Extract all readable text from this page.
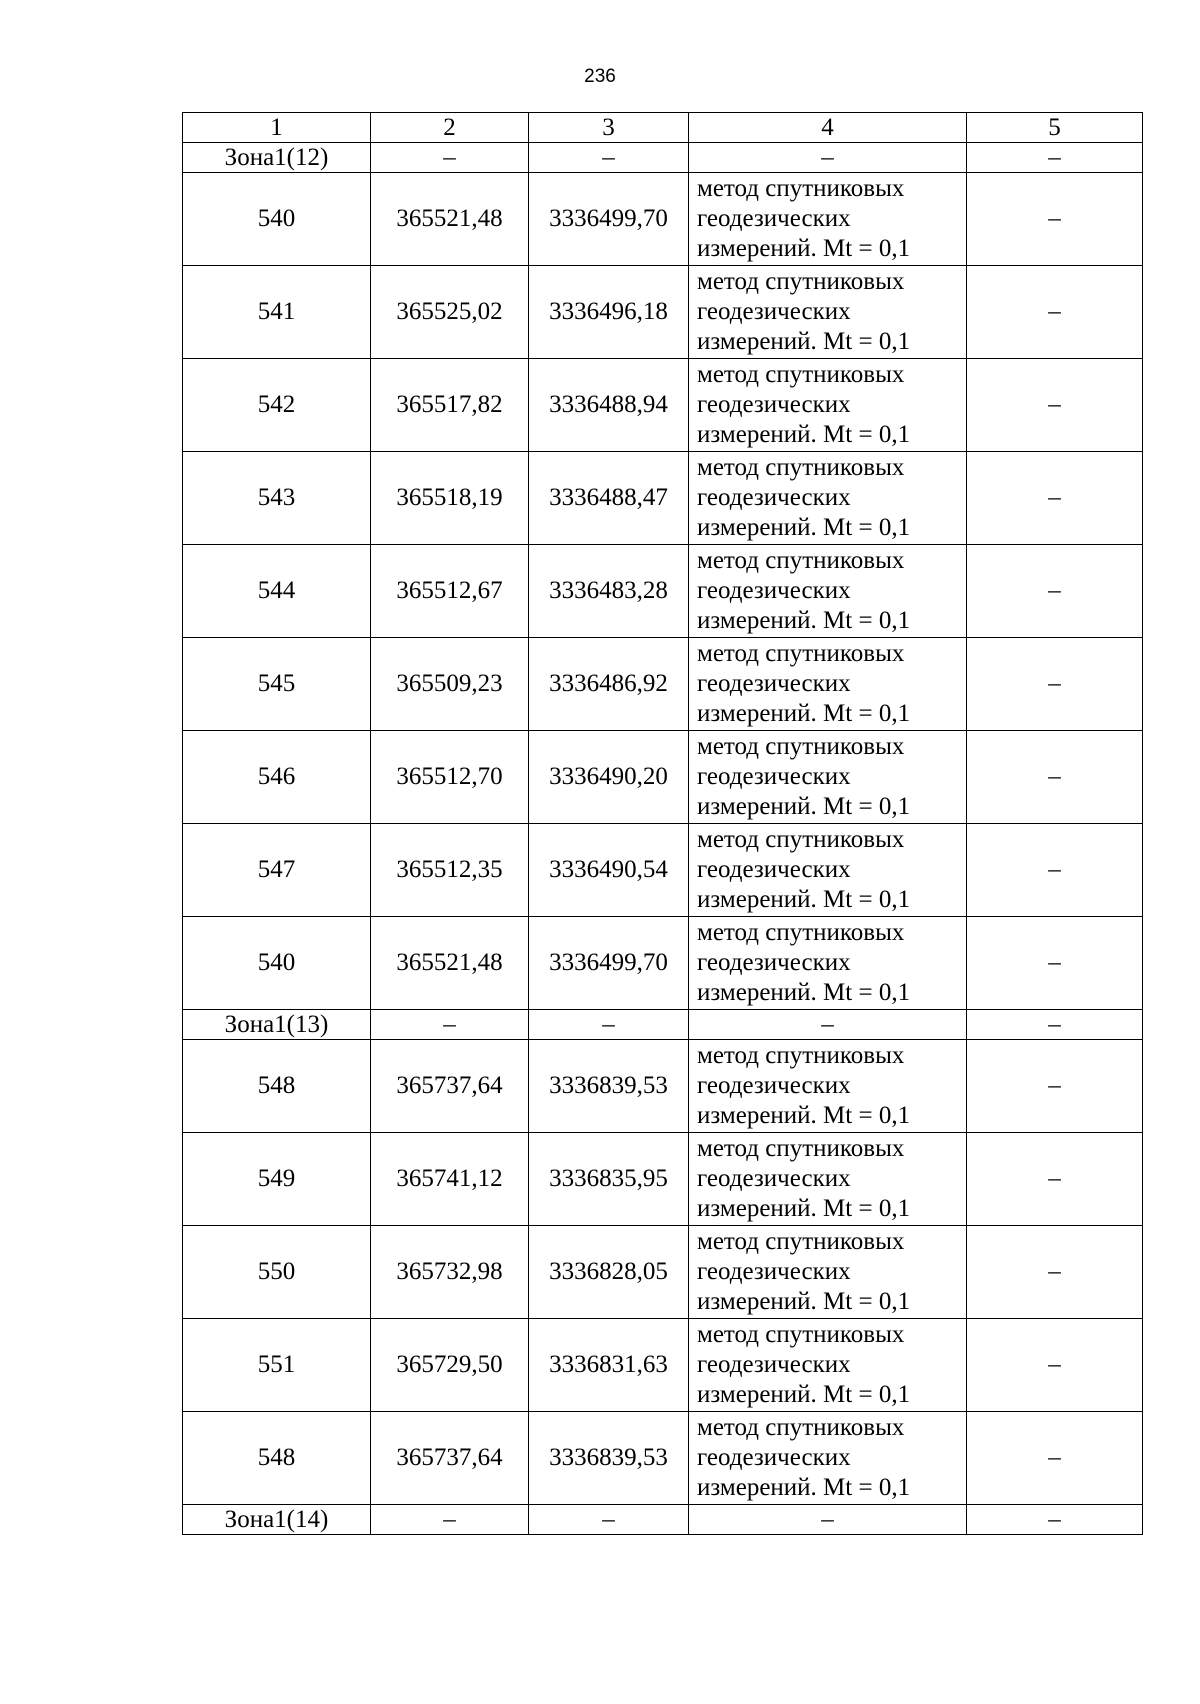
236
1	2	3	4	5
Зона1(12)	–	–	–	–
540	365521,48	3336499,70	метод спутниковых
геодезических
измерений. Mt = 0,1	–
541	365525,02	3336496,18	метод спутниковых
геодезических
измерений. Mt = 0,1	–
542	365517,82	3336488,94	метод спутниковых
геодезических
измерений. Mt = 0,1	–
543	365518,19	3336488,47	метод спутниковых
геодезических
измерений. Mt = 0,1	–
544	365512,67	3336483,28	метод спутниковых
геодезических
измерений. Mt = 0,1	–
545	365509,23	3336486,92	метод спутниковых
геодезических
измерений. Mt = 0,1	–
546	365512,70	3336490,20	метод спутниковых
геодезических
измерений. Mt = 0,1	–
547	365512,35	3336490,54	метод спутниковых
геодезических
измерений. Mt = 0,1	–
540	365521,48	3336499,70	метод спутниковых
геодезических
измерений. Mt = 0,1	–
Зона1(13)	–	–	–	–
548	365737,64	3336839,53	метод спутниковых
геодезических
измерений. Mt = 0,1	–
549	365741,12	3336835,95	метод спутниковых
геодезических
измерений. Mt = 0,1	–
550	365732,98	3336828,05	метод спутниковых
геодезических
измерений. Mt = 0,1	–
551	365729,50	3336831,63	метод спутниковых
геодезических
измерений. Mt = 0,1	–
548	365737,64	3336839,53	метод спутниковых
геодезических
измерений. Mt = 0,1	–
Зона1(14)	–	–	–	–
